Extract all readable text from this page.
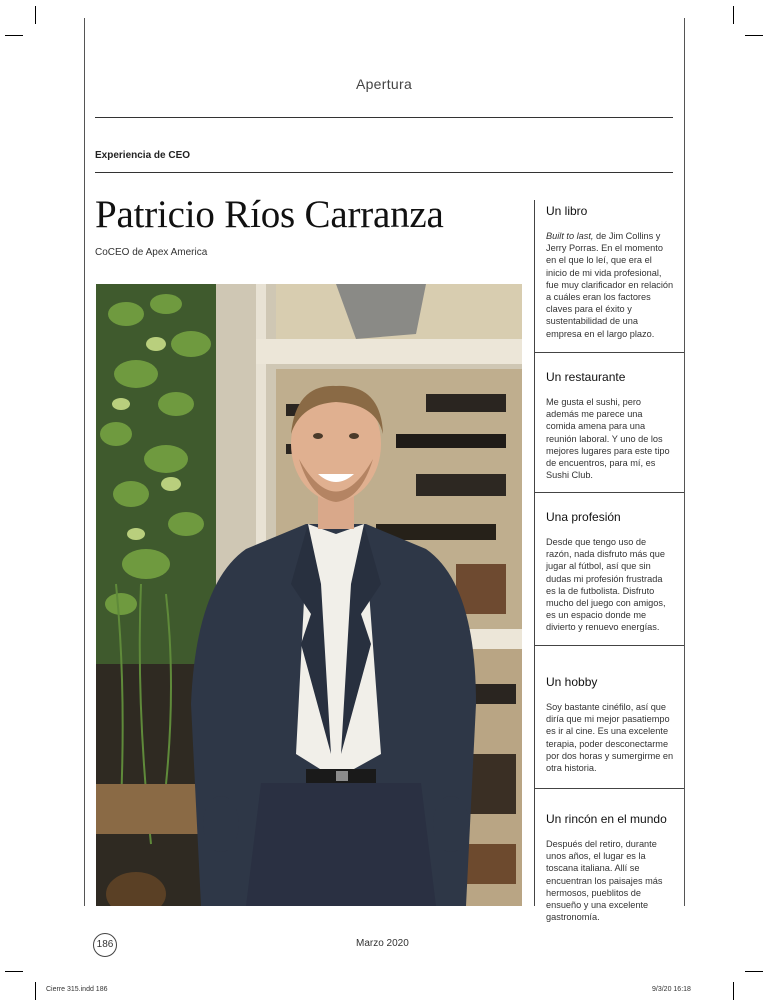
Apertura
Experiencia de CEO
Patricio Ríos Carranza
CoCEO de Apex America
Un libro

Built to last, de Jim Collins y Jerry Porras. En el momento en el que lo leí, que era el inicio de mi vida profesional, fue muy clarificador en relación a cuáles eran los factores claves para el éxito y sustentabilidad de una empresa en el largo plazo.

Un restaurante

Me gusta el sushi, pero además me parece una comida amena para una reunión laboral. Y uno de los mejores lugares para este tipo de encuentros, para mí, es Sushi Club.

Una profesión

Desde que tengo uso de razón, nada disfruto más que jugar al fútbol, así que sin dudas mi profesión frustrada es la de futbolista. Disfruto mucho del juego con amigos, es un espacio donde me divierto y renuevo energías.

Un hobby

Soy bastante cinéfilo, así que diría que mi mejor pasatiempo es ir al cine. Es una excelente terapia, poder desconectarme por dos horas y sumergirme en otra historia.

Un rincón en el mundo

Después del retiro, durante unos años, el lugar es la toscana italiana. Allí se encuentran los paisajes más hermosos, pueblitos de ensueño y una excelente gastronomía.

186	Marzo 2020
Cierre 315.indd 186	9/3/20 16:18
